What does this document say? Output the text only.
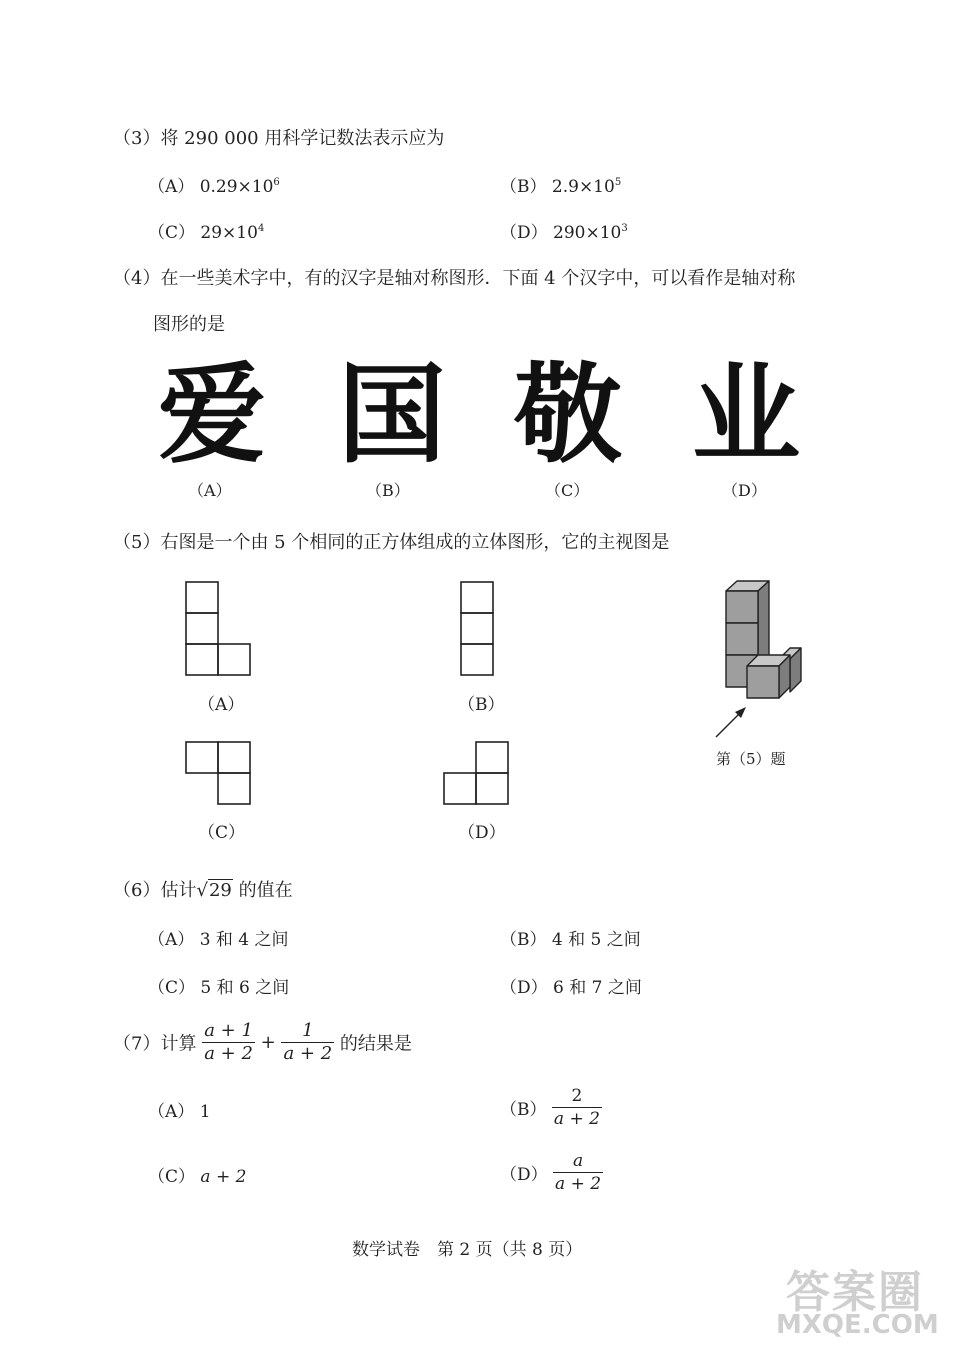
（3）将 290 000 用科学记数法表示应为
（A） $0.29\times 10^6$	（B） $2.9\times 10^5$
（C） $29\times 10^4$	（D） $290\times 10^3$
（4）在一些美术字中，有的汉字是轴对称图形．下面 4 个汉字中，可以看作是轴对称
图形的是
爱 国 敬 业
（A）	（B）	（C）	（D）
（5）右图是一个由 5 个相同的正方体组成的立体图形，它的主视图是
（A）	（B）
（C）	（D）
第（5）题
（6）估计√29 的值在
（A） 3 和 4 之间	（B） 4 和 5 之间
（C） 5 和 6 之间	（D） 6 和 7 之间
（7）计算 $\frac{a + 1}{a + 2} + \frac{1}{a + 2}$ 的结果是
（A） 1	$(B) \frac{2}{a + 2}$
（C） a + 2	$(D) \frac{a}{a + 2}$
数学试卷　第 2 页（共 8 页）
答案圈
MXQE.COM
